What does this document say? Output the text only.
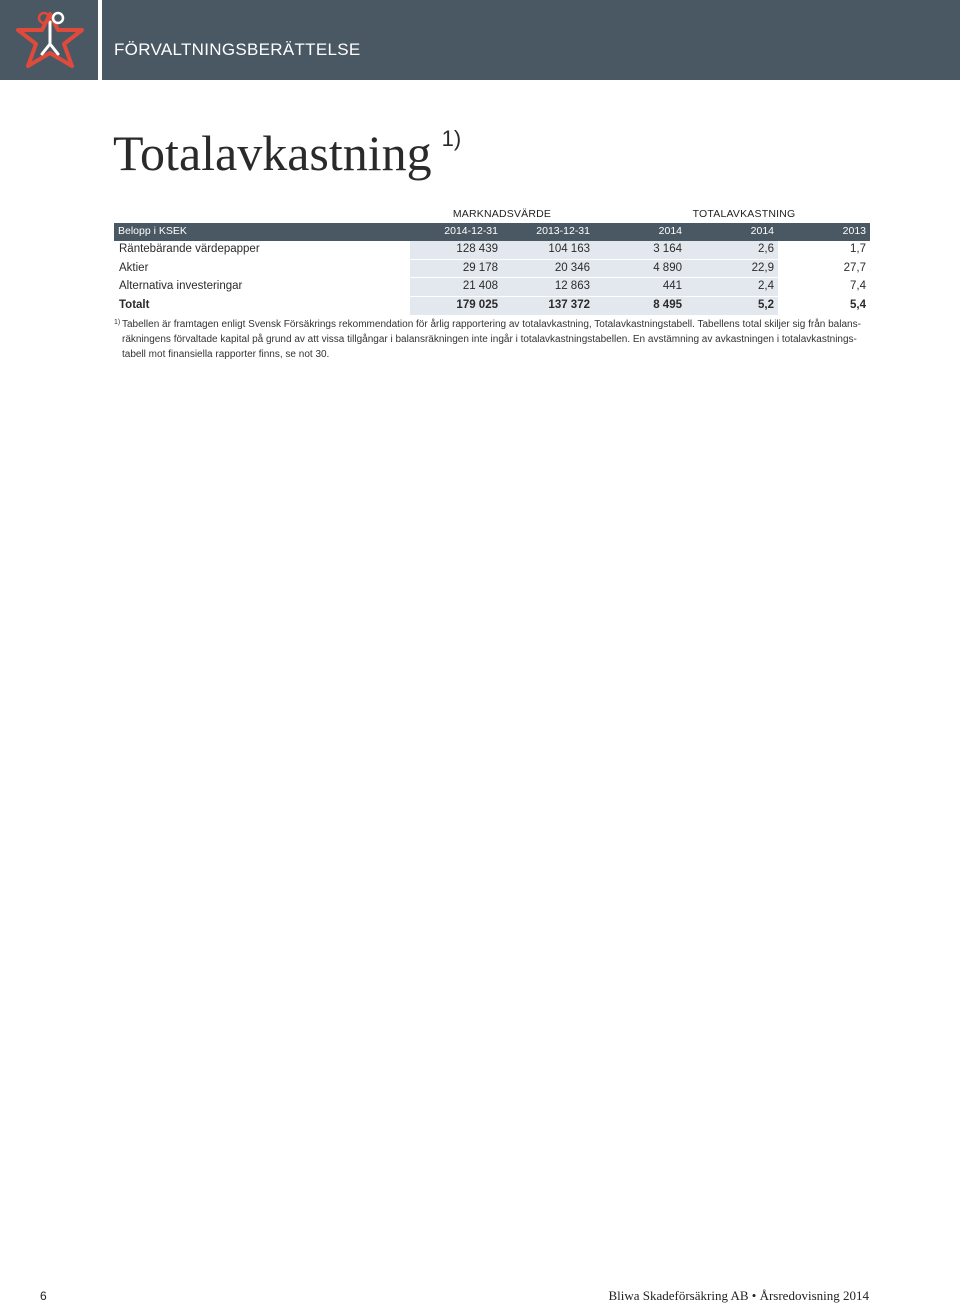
FÖRVALTNINGSBERÄTTELSE
Totalavkastning $^{1)}$
MARKNADSVÄRDE	TOTALAVKASTNING
Belopp i KSEK	2014-12-31	2013-12-31	2014	2014	2013
Räntebärande värdepapper	128 439	104 163	3 164	2,6	1,7
Aktier	29 178	20 346	4 890	22,9	27,7
Alternativa investeringar	21 408	12 863	441	2,4	7,4
Totalt	179 025	137 372	8 495	5,2	5,4
1) Tabellen är framtagen enligt Svensk Försäkrings rekommendation för årlig rapportering av totalavkastning, Totalavkastningstabell. Tabellens total skiljer sig från balans-räkningens förvaltade kapital på grund av att vissa tillgångar i balansräkningen inte ingår i totalavkastningstabellen. En avstämning av avkastningen i totalavkastnings-tabell mot finansiella rapporter finns, se not 30.
6	Bliwa Skadeförsäkring AB • Årsredovisning 2014
